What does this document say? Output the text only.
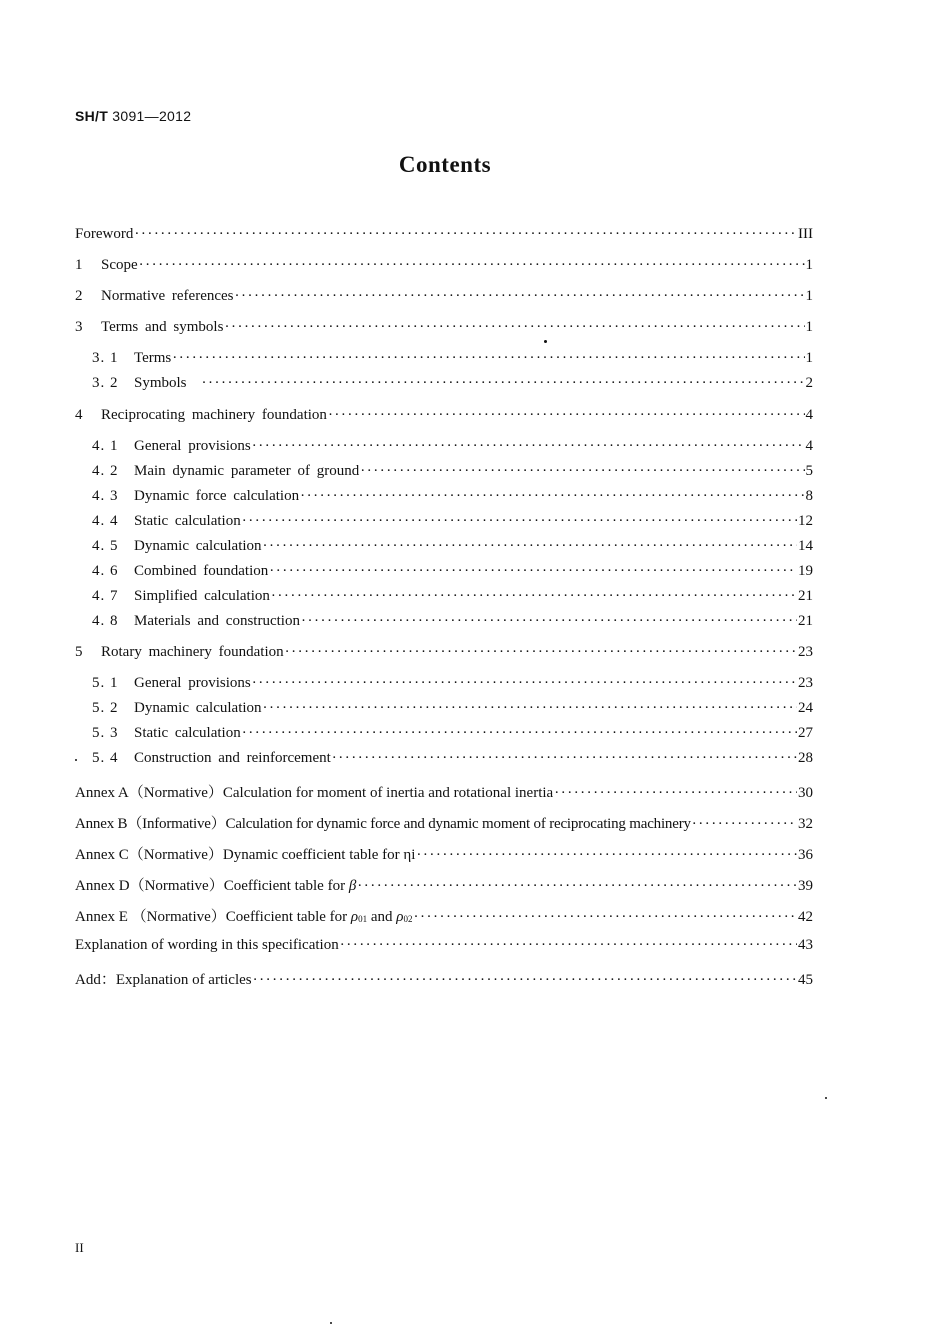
SH/T 3091—2012
Contents
Foreword ·····	III
1	Scope ·····	1
2	Normative references ·····	1
3	Terms and symbols ·····	1
3. 1	Terms ·····	1
3. 2	Symbols ·····	2
4	Reciprocating machinery foundation ·····	4
4. 1	General provisions ·····	4
4. 2	Main dynamic parameter of ground ·····	5
4. 3	Dynamic force calculation ·····	8
4. 4	Static calculation ·····	12
4. 5	Dynamic calculation ·····	14
4. 6	Combined foundation ·····	19
4. 7	Simplified calculation ·····	21
4. 8	Materials and construction ·····	21
5	Rotary machinery foundation ·····	23
5. 1	General provisions ·····	23
5. 2	Dynamic calculation ·····	24
5. 3	Static calculation ·····	27
5. 4	Construction and reinforcement ·····	28
Annex A（Normative）Calculation for moment of inertia and rotational inertia ·····	30
Annex B（Informative）Calculation for dynamic force and dynamic moment of reciprocating machinery ·····	32
Annex C（Normative）Dynamic coefficient table for ηi ·····	36
Annex D（Normative）Coefficient table for β ·····	39
Annex E （Normative）Coefficient table for $\rho_{01}$ and $\rho_{02}$ ·····	42
Explanation of wording in this specification ·····	43
Add：Explanation of articles ·····	45
II
